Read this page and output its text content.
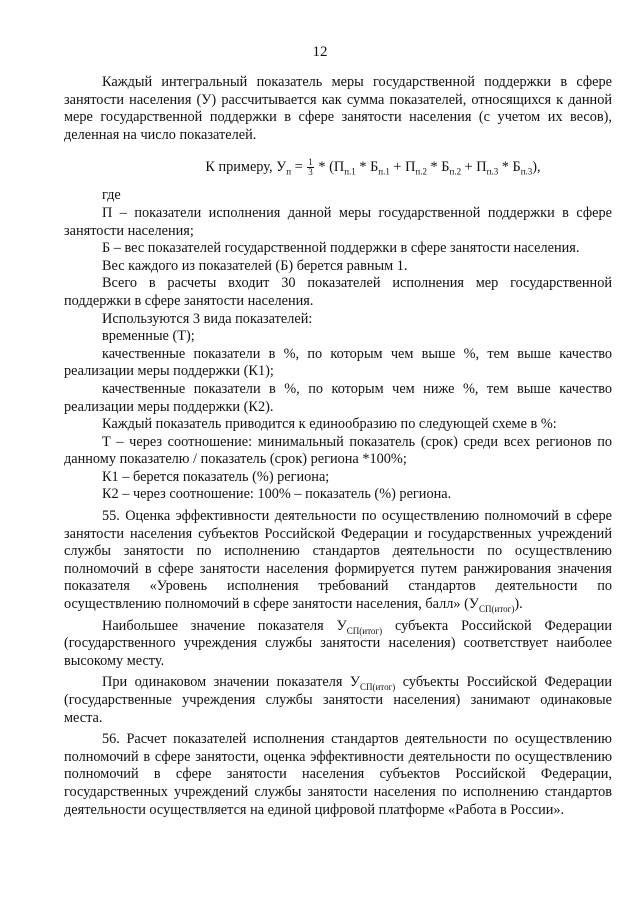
12

Каждый интегральный показатель меры государственной поддержки в сфере занятости населения (У) рассчитывается как сумма показателей, относящихся к данной мере государственной поддержки в сфере занятости населения (с учетом их весов), деленная на число показателей.

К примеру, $У_п = \frac{1}{3} * (П_{п.1} * Б_{п.1} + П_{п.2} * Б_{п.2} + П_{п.3} * Б_{п.3})$,

где

П – показатели исполнения данной меры государственной поддержки в сфере занятости населения;

Б – вес показателей государственной поддержки в сфере занятости населения.

Вес каждого из показателей (Б) берется равным 1.

Всего в расчеты входит 30 показателей исполнения мер государственной поддержки в сфере занятости населения.

Используются 3 вида показателей:

временные (Т);

качественные показатели в %, по которым чем выше %, тем выше качество реализации меры поддержки (К1);

качественные показатели в %, по которым чем ниже %, тем выше качество реализации меры поддержки (К2).

Каждый показатель приводится к единообразию по следующей схеме в %:

Т – через соотношение: минимальный показатель (срок) среди всех регионов по данному показателю / показатель (срок) региона *100%;

К1 – берется показатель (%) региона;

К2 – через соотношение: 100% – показатель (%) региона.

55. Оценка эффективности деятельности по осуществлению полномочий в сфере занятости населения субъектов Российской Федерации и государственных учреждений службы занятости по исполнению стандартов деятельности по осуществлению полномочий в сфере занятости населения формируется путем ранжирования значения показателя «Уровень исполнения требований стандартов деятельности по осуществлению полномочий в сфере занятости населения, балл» $(У_{СП(итог)})$.

Наибольшее значение показателя $У_{СП(итог)}$ субъекта Российской Федерации (государственного учреждения службы занятости населения) соответствует наиболее высокому месту.

При одинаковом значении показателя $У_{СП(итог)}$ субъекты Российской Федерации (государственные учреждения службы занятости населения) занимают одинаковые места.

56. Расчет показателей исполнения стандартов деятельности по осуществлению полномочий в сфере занятости, оценка эффективности деятельности по осуществлению полномочий в сфере занятости населения субъектов Российской Федерации, государственных учреждений службы занятости населения по исполнению стандартов деятельности осуществляется на единой цифровой платформе «Работа в России».
